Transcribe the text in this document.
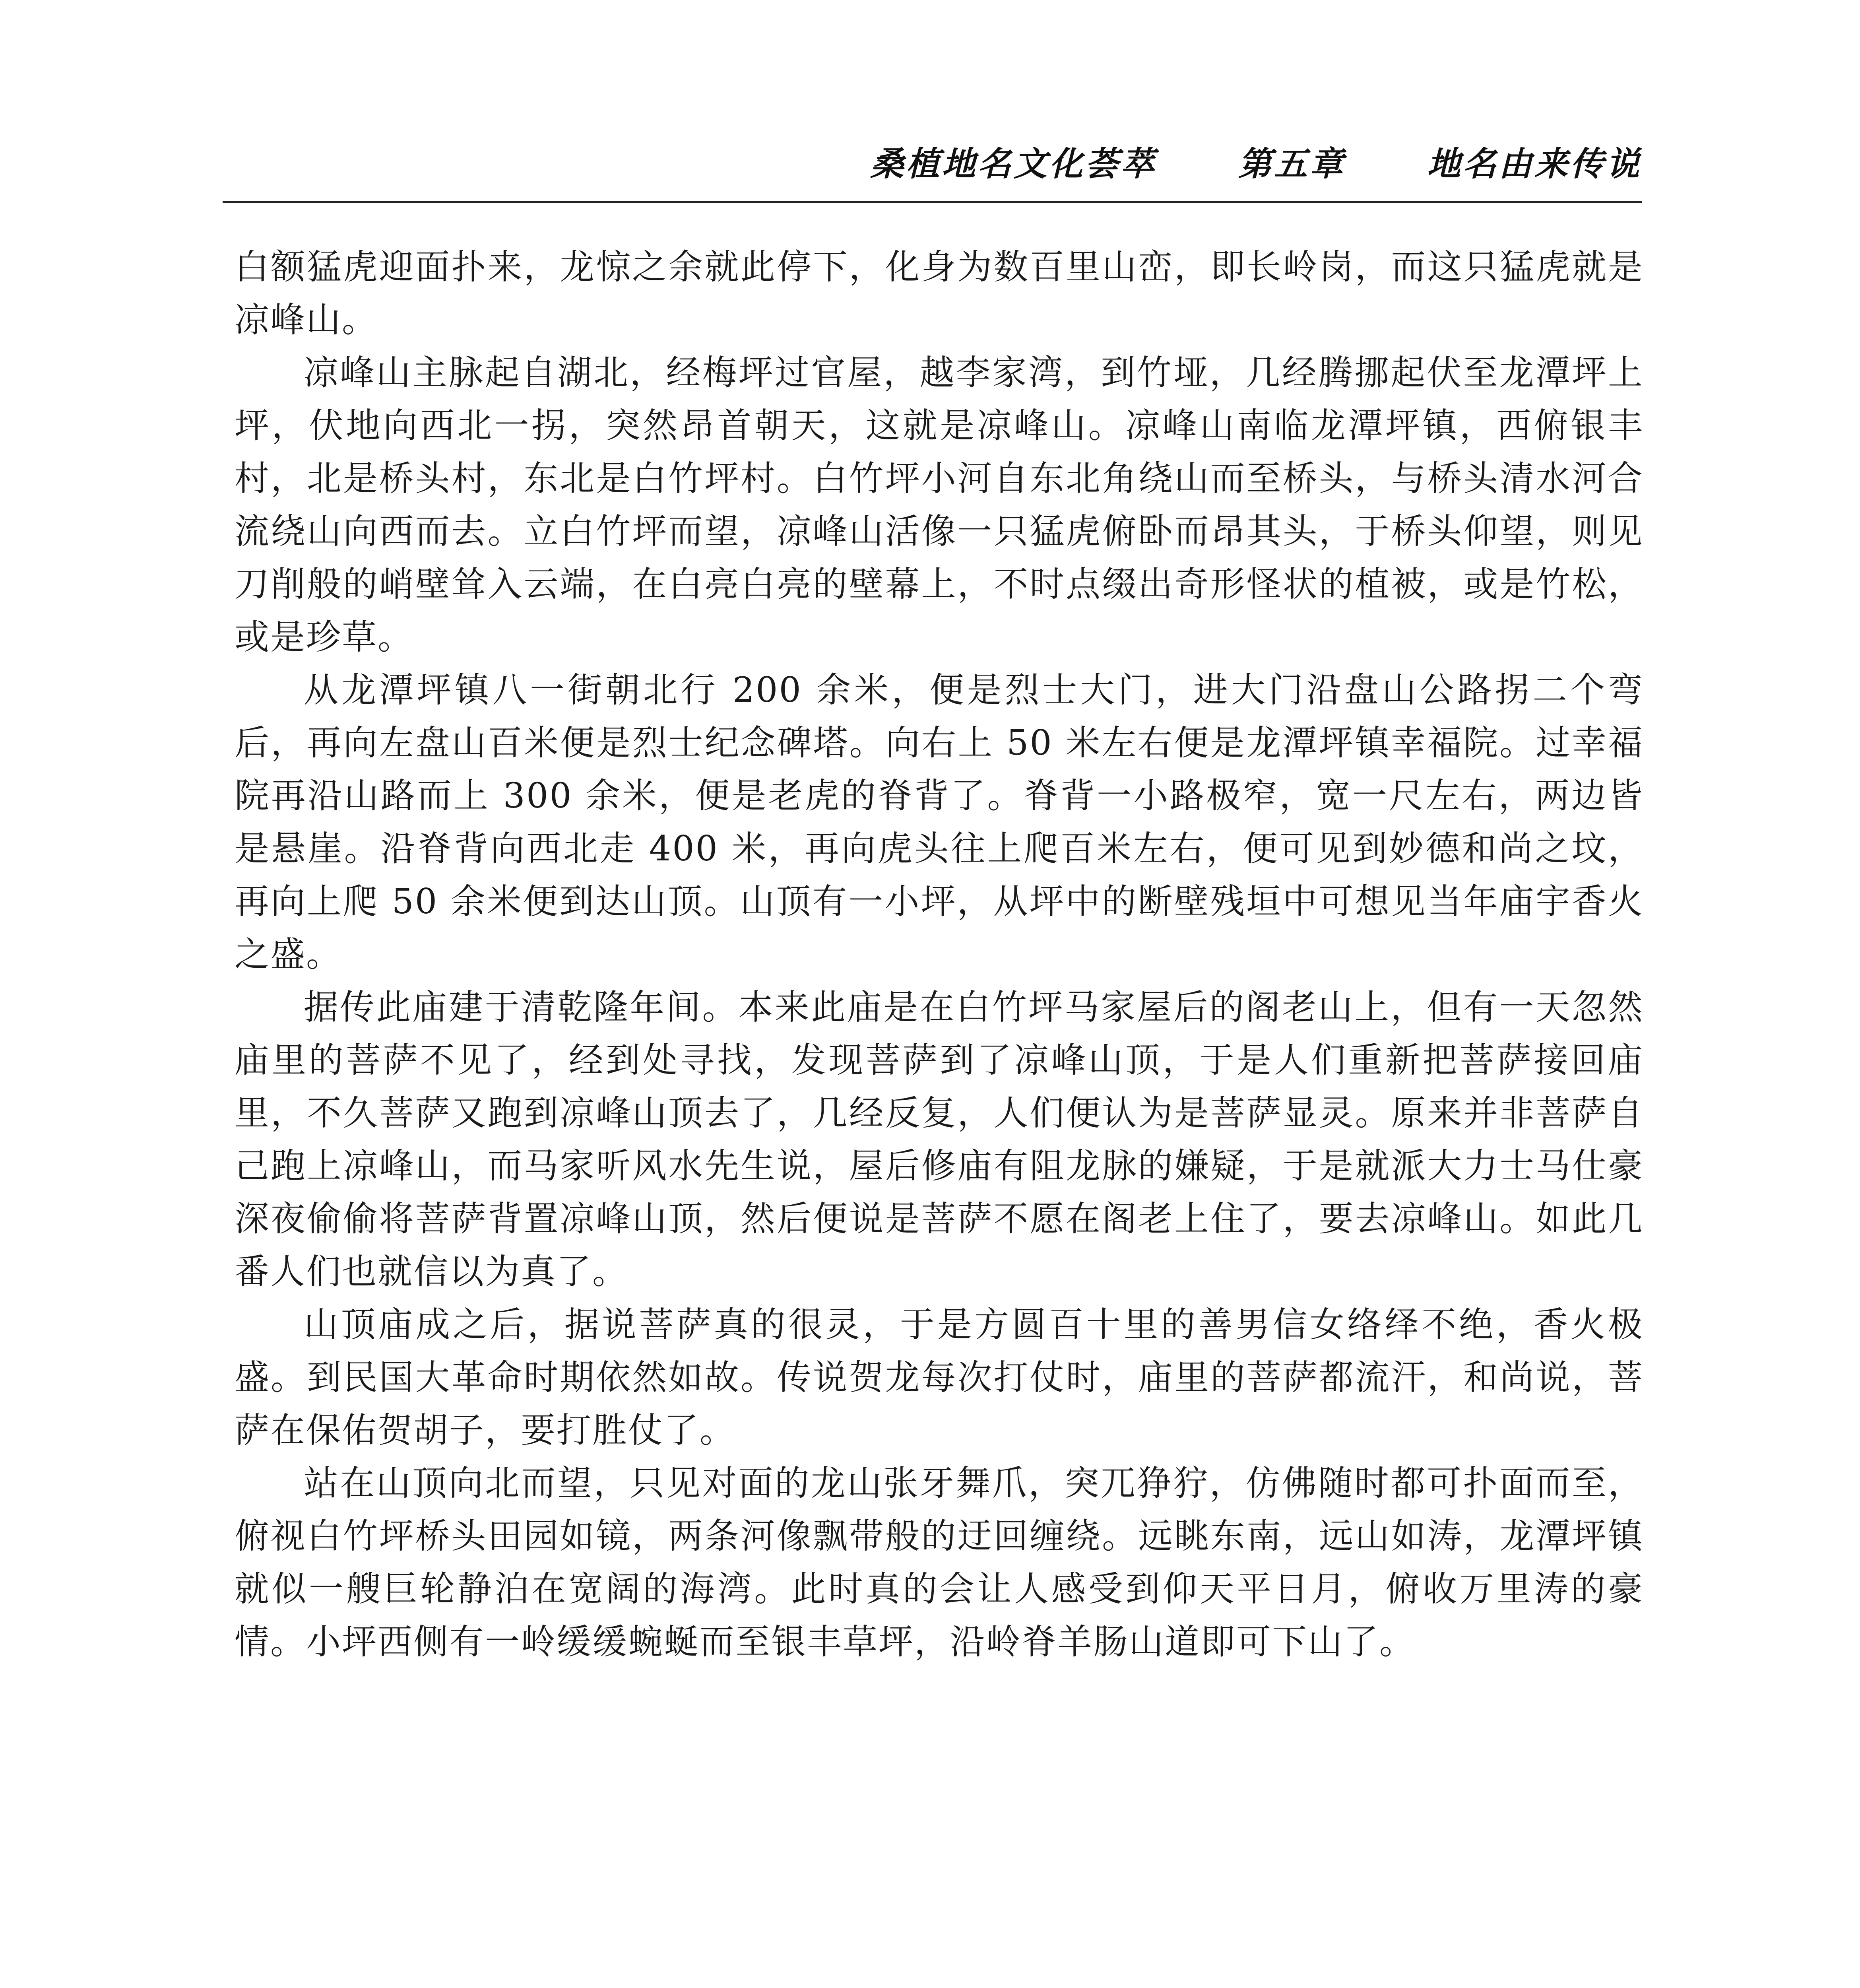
桑植地名文化荟萃 第五章 地名由来传说

白额猛虎迎面扑来，龙惊之余就此停下，化身为数百里山峦，即长岭岗，而这只猛虎就是凉峰山。

凉峰山主脉起自湖北，经梅坪过官屋，越李家湾，到竹垭，几经腾挪起伏至龙潭坪上坪，伏地向西北一拐，突然昂首朝天，这就是凉峰山。凉峰山南临龙潭坪镇，西俯银丰村，北是桥头村，东北是白竹坪村。白竹坪小河自东北角绕山而至桥头，与桥头清水河合流绕山向西而去。立白竹坪而望，凉峰山活像一只猛虎俯卧而昂其头，于桥头仰望，则见刀削般的峭壁耸入云端，在白亮白亮的壁幕上，不时点缀出奇形怪状的植被，或是竹松，或是珍草。

从龙潭坪镇八一街朝北行 200 余米，便是烈士大门，进大门沿盘山公路拐二个弯后，再向左盘山百米便是烈士纪念碑塔。向右上 50 米左右便是龙潭坪镇幸福院。过幸福院再沿山路而上 300 余米，便是老虎的脊背了。脊背一小路极窄，宽一尺左右，两边皆是悬崖。沿脊背向西北走 400 米，再向虎头往上爬百米左右，便可见到妙德和尚之坟，再向上爬 50 余米便到达山顶。山顶有一小坪，从坪中的断壁残垣中可想见当年庙宇香火之盛。

据传此庙建于清乾隆年间。本来此庙是在白竹坪马家屋后的阁老山上，但有一天忽然庙里的菩萨不见了，经到处寻找，发现菩萨到了凉峰山顶，于是人们重新把菩萨接回庙里，不久菩萨又跑到凉峰山顶去了，几经反复，人们便认为是菩萨显灵。原来并非菩萨自己跑上凉峰山，而马家听风水先生说，屋后修庙有阻龙脉的嫌疑，于是就派大力士马仕豪深夜偷偷将菩萨背置凉峰山顶，然后便说是菩萨不愿在阁老上住了，要去凉峰山。如此几番人们也就信以为真了。

山顶庙成之后，据说菩萨真的很灵，于是方圆百十里的善男信女络绎不绝，香火极盛。到民国大革命时期依然如故。传说贺龙每次打仗时，庙里的菩萨都流汗，和尚说，菩萨在保佑贺胡子，要打胜仗了。

站在山顶向北而望，只见对面的龙山张牙舞爪，突兀狰狞，仿佛随时都可扑面而至，俯视白竹坪桥头田园如镜，两条河像飘带般的迂回缠绕。远眺东南，远山如涛，龙潭坪镇就似一艘巨轮静泊在宽阔的海湾。此时真的会让人感受到仰天平日月，俯收万里涛的豪情。小坪西侧有一岭缓缓蜿蜒而至银丰草坪，沿岭脊羊肠山道即可下山了。
